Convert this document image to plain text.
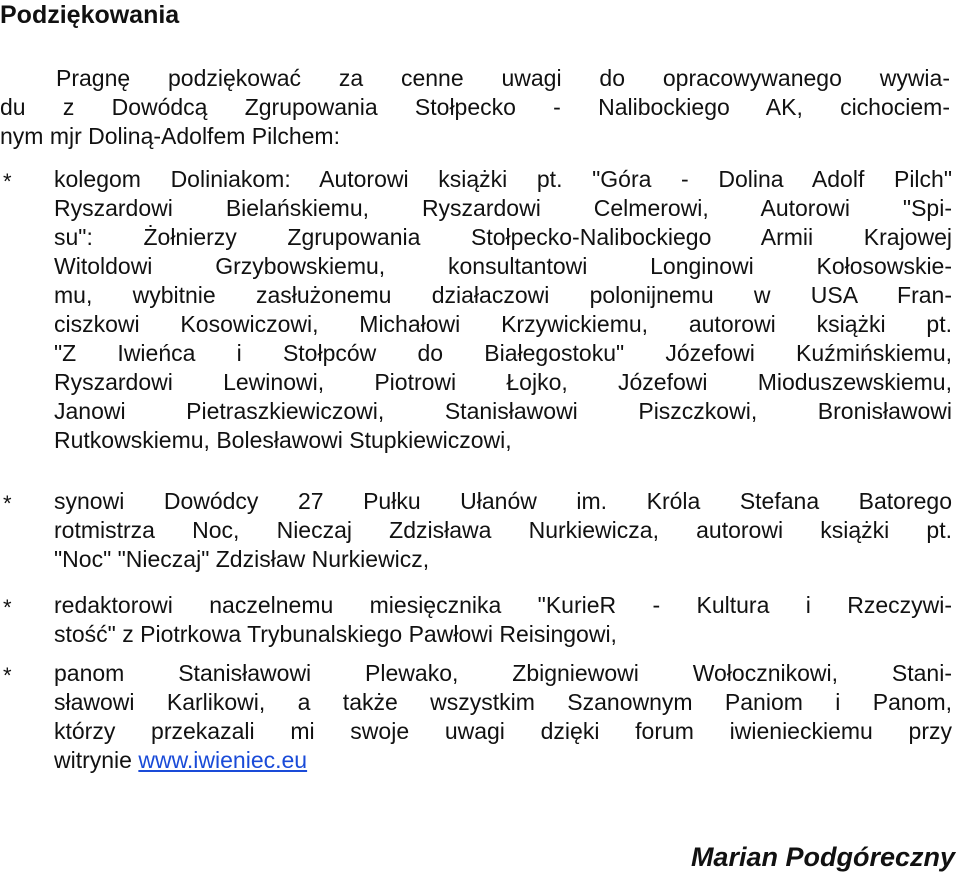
Podziękowania
Pragnę podziękować za cenne uwagi do opracowywanego wywia-
du z Dowódcą Zgrupowania Stołpecko - Nalibockiego AK, cichociem-
nym mjr Doliną-Adolfem Pilchem:
* kolegom Doliniakom: Autorowi książki pt. "Góra - Dolina Adolf Pilch"
Ryszardowi Bielańskiemu, Ryszardowi Celmerowi, Autorowi "Spi-
su": Żołnierzy Zgrupowania Stołpecko-Nalibockiego Armii Krajowej
Witoldowi Grzybowskiemu, konsultantowi Longinowi Kołosowskie-
mu, wybitnie zasłużonemu działaczowi polonijnemu w USA Fran-
ciszkowi Kosowiczowi, Michałowi Krzywickiemu, autorowi książki pt.
"Z Iwieńca i Stołpców do Białegostoku" Józefowi Kuźmińskiemu,
Ryszardowi Lewinowi, Piotrowi Łojko, Józefowi Mioduszewskiemu,
Janowi Pietraszkiewiczowi, Stanisławowi Piszczkowi, Bronisławowi
Rutkowskiemu, Bolesławowi Stupkiewiczowi,
* synowi Dowódcy 27 Pułku Ułanów im. Króla Stefana Batorego
rotmistrza Noc, Nieczaj Zdzisława Nurkiewicza, autorowi książki pt.
"Noc" "Nieczaj" Zdzisław Nurkiewicz,
* redaktorowi naczelnemu miesięcznika "KurieR - Kultura i Rzeczywi-
stość" z Piotrkowa Trybunalskiego Pawłowi Reisingowi,
* panom Stanisławowi Plewako, Zbigniewowi Wołocznikowi, Stani-
sławowi Karlikowi, a także wszystkim Szanownym Paniom i Panom,
którzy przekazali mi swoje uwagi dzięki forum iwienieckiemu przy
witrynie www.iwieniec.eu
Marian Podgóreczny
